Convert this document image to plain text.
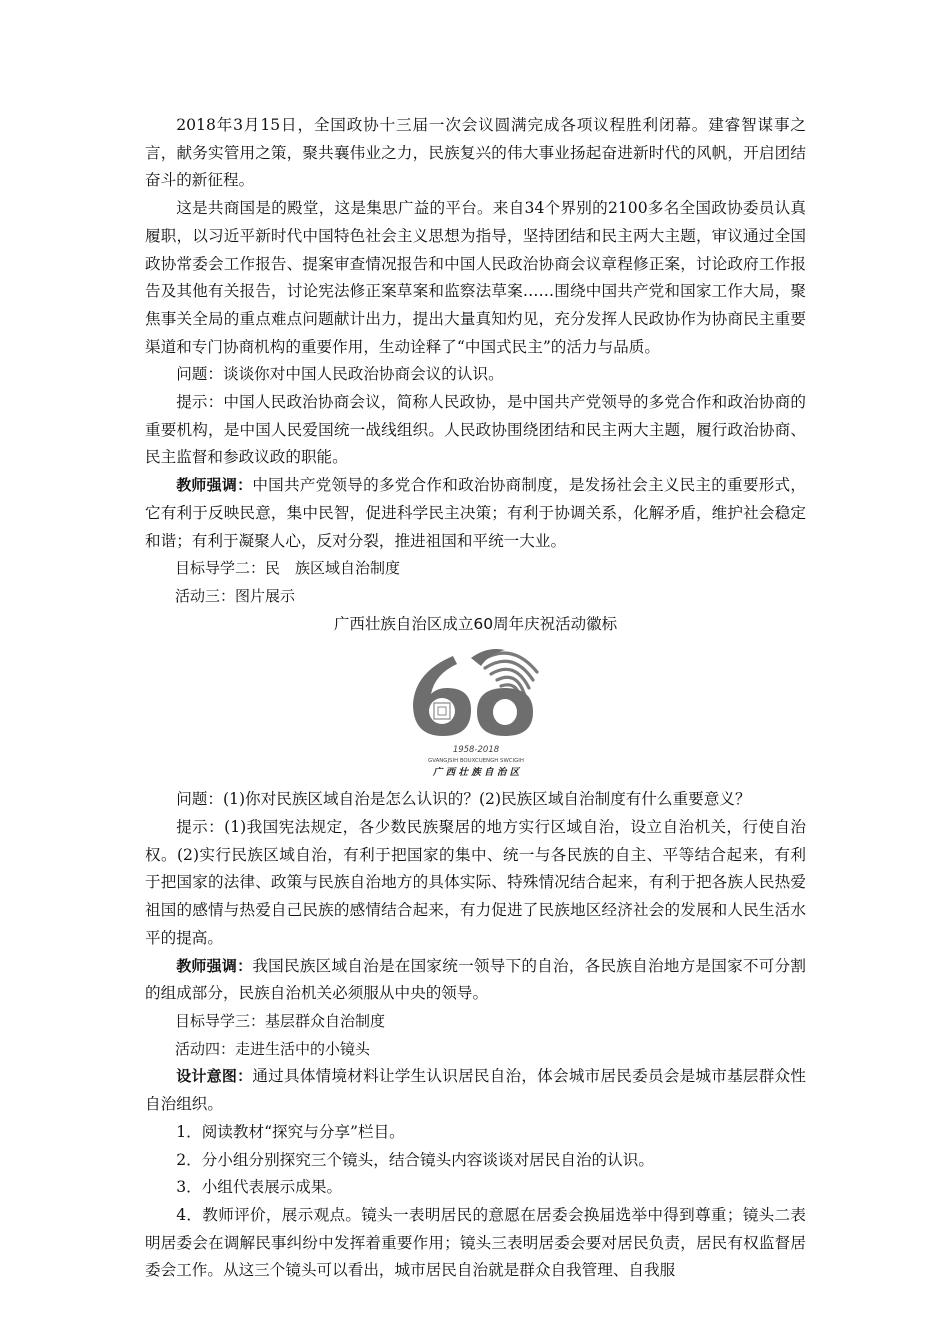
2018年3月15日，全国政协十三届一次会议圆满完成各项议程胜利闭幕。建睿智谋事之言，献务实管用之策，聚共襄伟业之力，民族复兴的伟大事业扬起奋进新时代的风帆，开启团结奋斗的新征程。

这是共商国是的殿堂，这是集思广益的平台。来自34个界别的2100多名全国政协委员认真履职，以习近平新时代中国特色社会主义思想为指导，坚持团结和民主两大主题，审议通过全国政协常委会工作报告、提案审查情况报告和中国人民政治协商会议章程修正案，讨论政府工作报告及其他有关报告，讨论宪法修正案草案和监察法草案……围绕中国共产党和国家工作大局，聚焦事关全局的重点难点问题献计出力，提出大量真知灼见，充分发挥人民政协作为协商民主重要渠道和专门协商机构的重要作用，生动诠释了“中国式民主”的活力与品质。

问题：谈谈你对中国人民政治协商会议的认识。

提示：中国人民政治协商会议，简称人民政协，是中国共产党领导的多党合作和政治协商的重要机构，是中国人民爱国统一战线组织。人民政协围绕团结和民主两大主题，履行政治协商、民主监督和参政议政的职能。

教师强调：中国共产党领导的多党合作和政治协商制度，是发扬社会主义民主的重要形式，它有利于反映民意，集中民智，促进科学民主决策；有利于协调关系，化解矛盾，维护社会稳定和谐；有利于凝聚人心，反对分裂，推进祖国和平统一大业。

目标导学二：民　族区域自治制度

活动三：图片展示

广西壮族自治区成立60周年庆祝活动徽标

1958-2018
GVANGJSIH BOUXCUENGH SWCIGIH
广 西 壮 族 自 治 区

问题：(1)你对民族区域自治是怎么认识的？(2)民族区域自治制度有什么重要意义？

提示：(1)我国宪法规定，各少数民族聚居的地方实行区域自治，设立自治机关，行使自治权。(2)实行民族区域自治，有利于把国家的集中、统一与各民族的自主、平等结合起来，有利于把国家的法律、政策与民族自治地方的具体实际、特殊情况结合起来，有利于把各族人民热爱祖国的感情与热爱自己民族的感情结合起来，有力促进了民族地区经济社会的发展和人民生活水平的提高。

教师强调：我国民族区域自治是在国家统一领导下的自治，各民族自治地方是国家不可分割的组成部分，民族自治机关必须服从中央的领导。

目标导学三：基层群众自治制度

活动四：走进生活中的小镜头

设计意图：通过具体情境材料让学生认识居民自治，体会城市居民委员会是城市基层群众性自治组织。

1．阅读教材“探究与分享”栏目。

2．分小组分别探究三个镜头，结合镜头内容谈谈对居民自治的认识。

3．小组代表展示成果。

4．教师评价，展示观点。镜头一表明居民的意愿在居委会换届选举中得到尊重；镜头二表明居委会在调解民事纠纷中发挥着重要作用；镜头三表明居委会要对居民负责，居民有权监督居委会工作。从这三个镜头可以看出，城市居民自治就是群众自我管理、自我服
